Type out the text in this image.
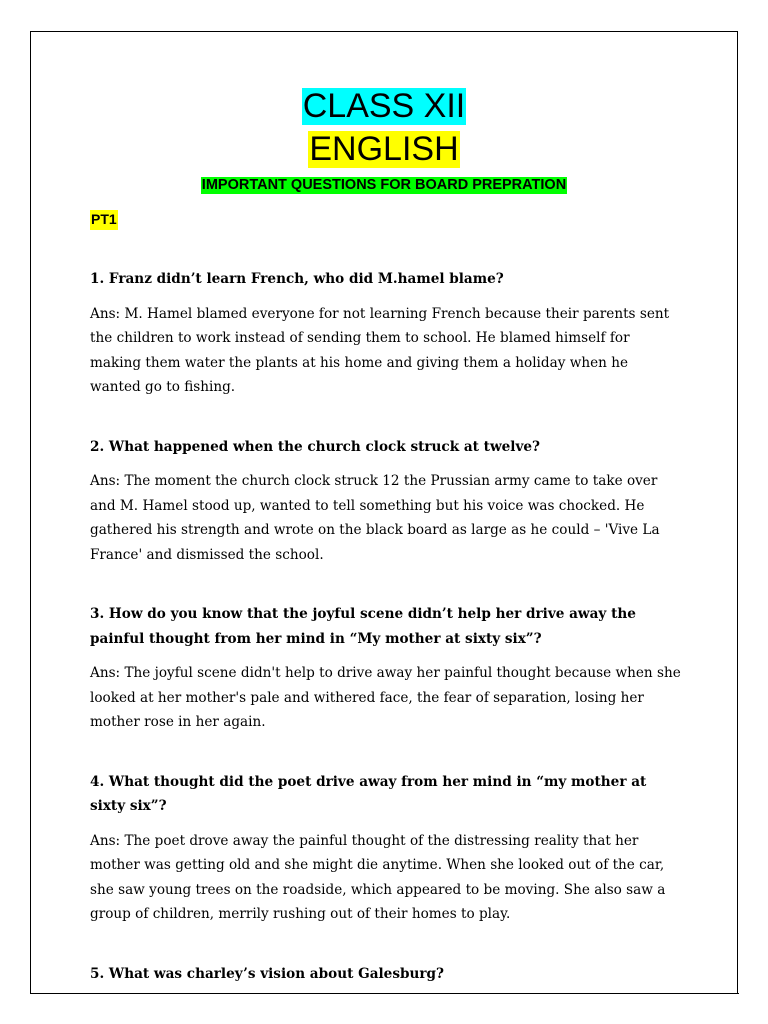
CLASS XII
ENGLISH
IMPORTANT QUESTIONS FOR BOARD PREPRATION
PT1

1. Franz didn’t learn French, who did M.hamel blame?

Ans: M. Hamel blamed everyone for not learning French because their parents sent the children to work instead of sending them to school. He blamed himself for making them water the plants at his home and giving them a holiday when he wanted go to fishing.

2. What happened when the church clock struck at twelve?

Ans: The moment the church clock struck 12 the Prussian army came to take over and M. Hamel stood up, wanted to tell something but his voice was chocked. He gathered his strength and wrote on the black board as large as he could – 'Vive La France' and dismissed the school.

3. How do you know that the joyful scene didn’t help her drive away the painful thought from her mind in “My mother at sixty six”?

Ans: The joyful scene didn't help to drive away her painful thought because when she looked at her mother's pale and withered face, the fear of separation, losing her mother rose in her again.

4. What thought did the poet drive away from her mind in “my mother at sixty six”?

Ans: The poet drove away the painful thought of the distressing reality that her mother was getting old and she might die anytime. When she looked out of the car, she saw young trees on the roadside, which appeared to be moving. She also saw a group of children, merrily rushing out of their homes to play.

5. What was charley’s vision about Galesburg?
